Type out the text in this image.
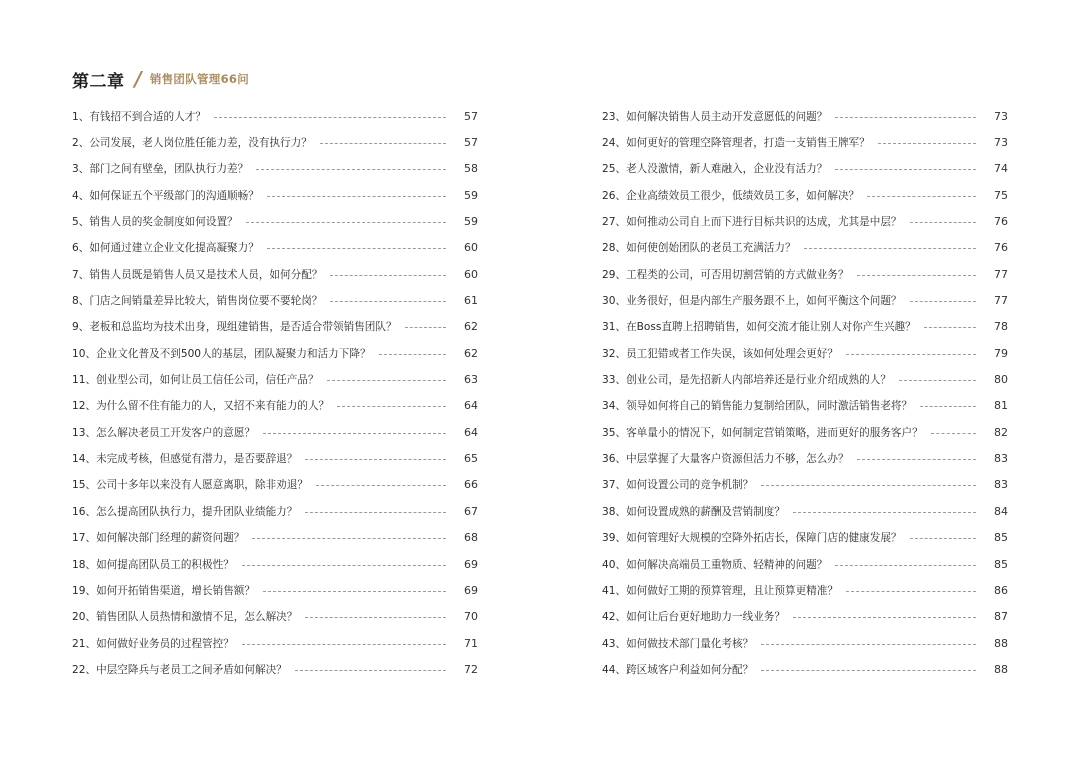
第二章 / 销售团队管理66问
1、有钱招不到合适的人才？	57
2、公司发展，老人岗位胜任能力差，没有执行力？	57
3、部门之间有壁垒，团队执行力差？	58
4、如何保证五个平级部门的沟通顺畅？	59
5、销售人员的奖金制度如何设置？	59
6、如何通过建立企业文化提高凝聚力？	60
7、销售人员既是销售人员又是技术人员，如何分配？	60
8、门店之间销量差异比较大，销售岗位要不要轮岗？	61
9、老板和总监均为技术出身，现组建销售，是否适合带领销售团队？	62
10、企业文化普及不到500人的基层，团队凝聚力和活力下降？	62
11、创业型公司，如何让员工信任公司，信任产品？	63
12、为什么留不住有能力的人，又招不来有能力的人？	64
13、怎么解决老员工开发客户的意愿？	64
14、未完成考核，但感觉有潜力，是否要辞退？	65
15、公司十多年以来没有人愿意离职，除非劝退？	66
16、怎么提高团队执行力，提升团队业绩能力？	67
17、如何解决部门经理的薪资问题？	68
18、如何提高团队员工的积极性？	69
19、如何开拓销售渠道，增长销售额？	69
20、销售团队人员热情和激情不足，怎么解决？	70
21、如何做好业务员的过程管控？	71
22、中层空降兵与老员工之间矛盾如何解决？	72
23、如何解决销售人员主动开发意愿低的问题？	73
24、如何更好的管理空降管理者，打造一支销售王牌军？	73
25、老人没激情，新人难融入，企业没有活力？	74
26、企业高绩效员工很少，低绩效员工多，如何解决？	75
27、如何推动公司自上而下进行目标共识的达成，尤其是中层？	76
28、如何使创始团队的老员工充满活力？	76
29、工程类的公司，可否用切割营销的方式做业务？	77
30、业务很好，但是内部生产服务跟不上，如何平衡这个问题？	77
31、在Boss直聘上招聘销售，如何交流才能让别人对你产生兴趣？	78
32、员工犯错或者工作失误，该如何处理会更好？	79
33、创业公司，是先招新人内部培养还是行业介绍成熟的人？	80
34、领导如何将自己的销售能力复制给团队，同时激活销售老将？	81
35、客单量小的情况下，如何制定营销策略，进而更好的服务客户？	82
36、中层掌握了大量客户资源但活力不够，怎么办？	83
37、如何设置公司的竞争机制？	83
38、如何设置成熟的薪酬及营销制度？	84
39、如何管理好大规模的空降外拓店长，保障门店的健康发展？	85
40、如何解决高端员工重物质、轻精神的问题？	85
41、如何做好工期的预算管理，且让预算更精准？	86
42、如何让后台更好地助力一线业务？	87
43、如何做技术部门量化考核？	88
44、跨区域客户利益如何分配？	88
